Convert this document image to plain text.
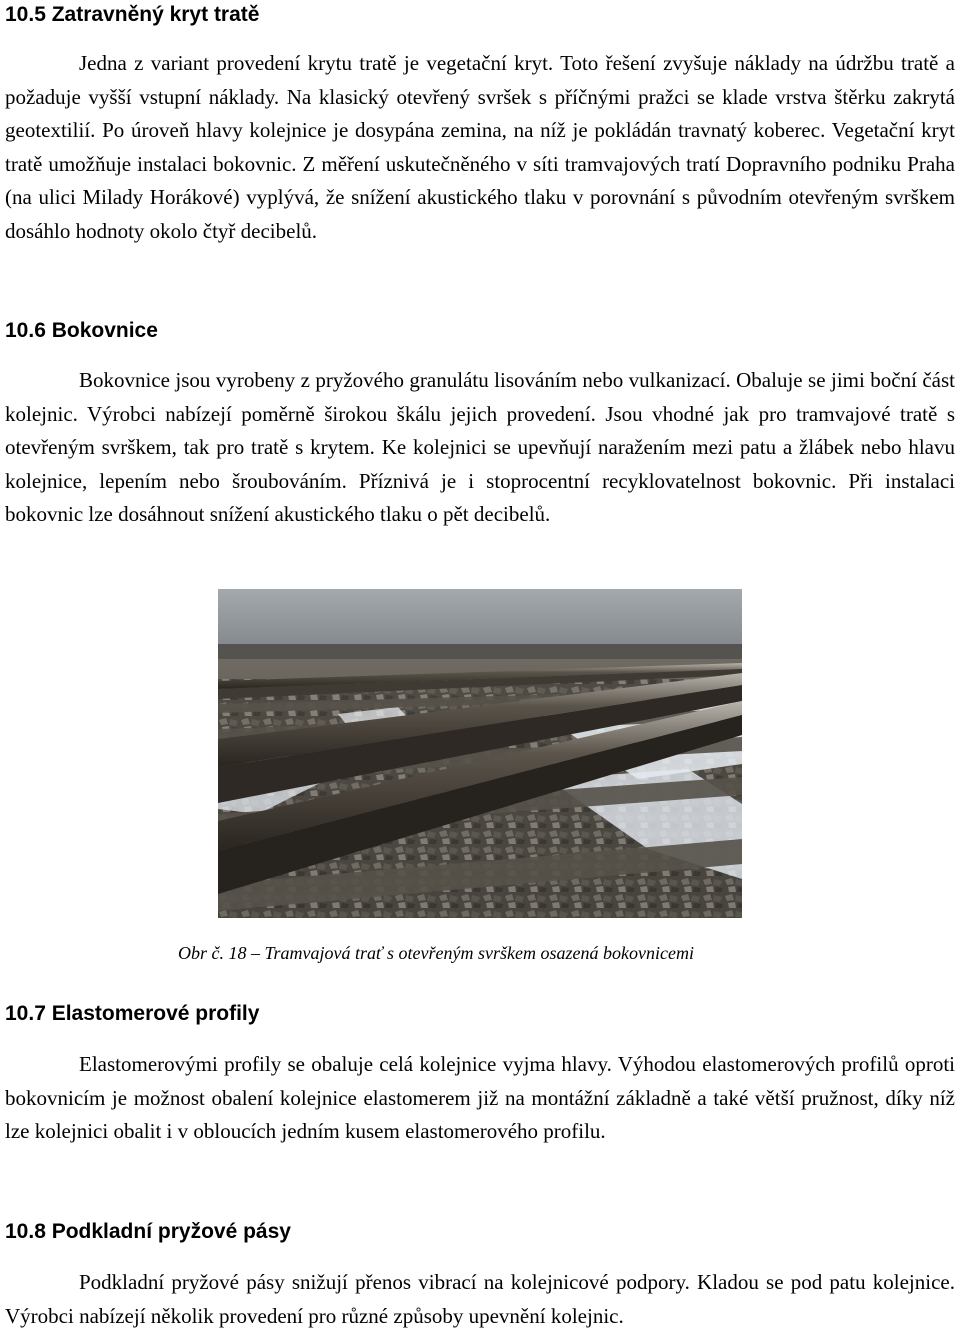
10.5 Zatravněný kryt tratě

Jedna z variant provedení krytu tratě je vegetační kryt. Toto řešení zvyšuje náklady na údržbu tratě a požaduje vyšší vstupní náklady. Na klasický otevřený svršek s příčnými pražci se klade vrstva štěrku zakrytá geotextilií. Po úroveň hlavy kolejnice je dosypána zemina, na níž je pokládán travnatý koberec. Vegetační kryt tratě umožňuje instalaci bokovnic. Z měření uskutečněného v síti tramvajových tratí Dopravního podniku Praha (na ulici Milady Horákové) vyplývá, že snížení akustického tlaku v porovnání s původním otevřeným svrškem dosáhlo hodnoty okolo čtyř decibelů.

10.6 Bokovnice

Bokovnice jsou vyrobeny z pryžového granulátu lisováním nebo vulkanizací. Obaluje se jimi boční část kolejnic. Výrobci nabízejí poměrně širokou škálu jejich provedení. Jsou vhodné jak pro tramvajové tratě s otevřeným svrškem, tak pro tratě s krytem. Ke kolejnici se upevňují naražením mezi patu a žlábek nebo hlavu kolejnice, lepením nebo šroubováním. Příznivá je i stoprocentní recyklovatelnost bokovnic. Při instalaci bokovnic lze dosáhnout snížení akustického tlaku o pět decibelů.

Obr č. 18 – Tramvajová trať s otevřeným svrškem osazená bokovnicemi

10.7 Elastomerové profily

Elastomerovými profily se obaluje celá kolejnice vyjma hlavy. Výhodou elastomerových profilů oproti bokovnicím je možnost obalení kolejnice elastomerem již na montážní základně a také větší pružnost, díky níž lze kolejnici obalit i v obloucích jedním kusem elastomerového profilu.

10.8 Podkladní pryžové pásy

Podkladní pryžové pásy snižují přenos vibrací na kolejnicové podpory. Kladou se pod patu kolejnice. Výrobci nabízejí několik provedení pro různé způsoby upevnění kolejnic.
